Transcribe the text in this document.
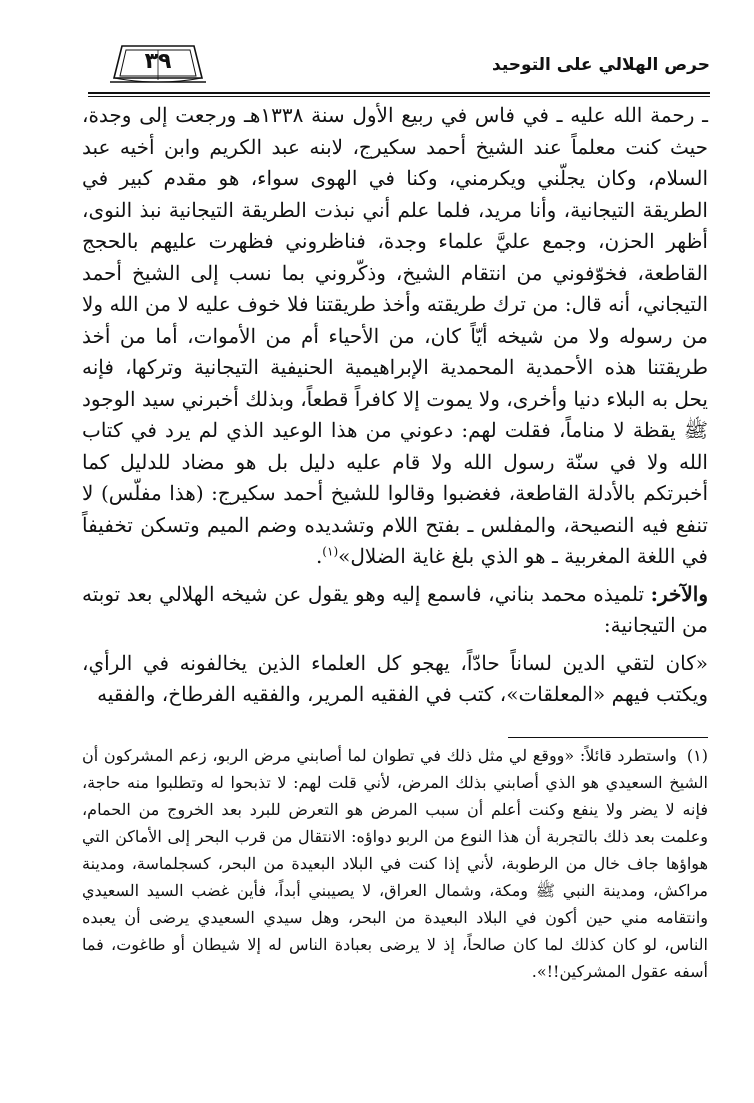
حرص الهلالي على التوحيد
٣٩

ـ رحمة الله عليه ـ في فاس في ربيع الأول سنة ١٣٣٨هـ ورجعت إلى وجدة، حيث كنت معلماً عند الشيخ أحمد سكيرج، لابنه عبد الكريم وابن أخيه عبد السلام، وكان يجلّني ويكرمني، وكنا في الهوى سواء، هو مقدم كبير في الطريقة التيجانية، وأنا مريد، فلما علم أني نبذت الطريقة التيجانية نبذ النوى، أظهر الحزن، وجمع عليَّ علماء وجدة، فناظروني فظهرت عليهم بالحجج القاطعة، فخوّفوني من انتقام الشيخ، وذكّروني بما نسب إلى الشيخ أحمد التيجاني، أنه قال: من ترك طريقته وأخذ طريقتنا فلا خوف عليه لا من الله ولا من رسوله ولا من شيخه أيّاً كان، من الأحياء أم من الأموات، أما من أخذ طريقتنا هذه الأحمدية المحمدية الإبراهيمية الحنيفية التيجانية وتركها، فإنه يحل به البلاء دنيا وأخرى، ولا يموت إلا كافراً قطعاً، وبذلك أخبرني سيد الوجود ﷺ يقظة لا مناماً، فقلت لهم: دعوني من هذا الوعيد الذي لم يرد في كتاب الله ولا في سنّة رسول الله ولا قام عليه دليل بل هو مضاد للدليل كما أخبرتكم بالأدلة القاطعة، فغضبوا وقالوا للشيخ أحمد سكيرج: (هذا مفلّس) لا تنفع فيه النصيحة، والمفلس ـ بفتح اللام وتشديده وضم الميم وتسكن تخفيفاً في اللغة المغربية ـ هو الذي بلغ غاية الضلال»$^{(١)}$.

والآخر: تلميذه محمد بناني، فاسمع إليه وهو يقول عن شيخه الهلالي بعد توبته من التيجانية:

«كان لتقي الدين لساناً حادّاً، يهجو كل العلماء الذين يخالفونه في الرأي، ويكتب فيهم «المعلقات»، كتب في الفقيه المرير، والفقيه الفرطاخ، والفقيه

(١)واستطرد قائلاً: «ووقع لي مثل ذلك في تطوان لما أصابني مرض الربو، زعم المشركون أن الشيخ السعيدي هو الذي أصابني بذلك المرض، لأني قلت لهم: لا تذبحوا له وتطلبوا منه حاجة، فإنه لا يضر ولا ينفع وكنت أعلم أن سبب المرض هو التعرض للبرد بعد الخروج من الحمام، وعلمت بعد ذلك بالتجربة أن هذا النوع من الربو دواؤه: الانتقال من قرب البحر إلى الأماكن التي هواؤها جاف خال من الرطوبة، لأني إذا كنت في البلاد البعيدة من البحر، كسجلماسة، ومدينة مراكش، ومدينة النبي ﷺ ومكة، وشمال العراق، لا يصيبني أبداً، فأين غضب السيد السعيدي وانتقامه مني حين أكون في البلاد البعيدة من البحر، وهل سيدي السعيدي يرضى أن يعبده الناس، لو كان كذلك لما كان صالحاً، إذ لا يرضى بعبادة الناس له إلا شيطان أو طاغوت، فما أسفه عقول المشركين!!».
